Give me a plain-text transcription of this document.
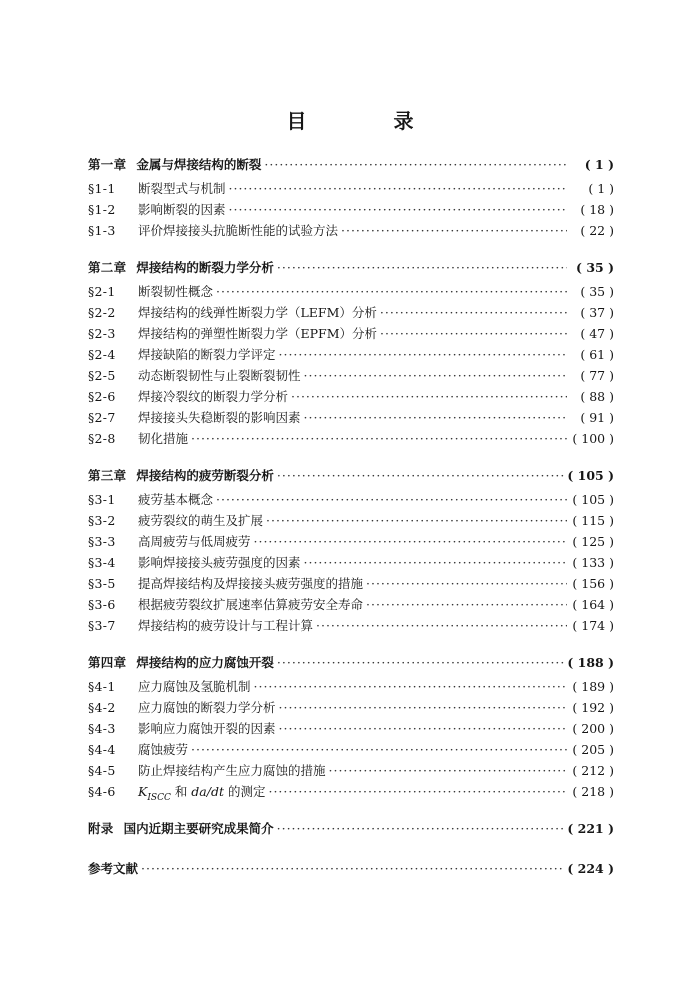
目 录
第一章 金属与焊接结构的断裂 ·····	( 1 )
§1-1	断裂型式与机制 ·····	( 1 )
§1-2	影响断裂的因素 ·····	( 18 )
§1-3	评价焊接接头抗脆断性能的试验方法 ·····	( 22 )
第二章 焊接结构的断裂力学分析 ·····	( 35 )
§2-1	断裂韧性概念 ·····	( 35 )
§2-2	焊接结构的线弹性断裂力学（LEFM）分析 ·····	( 37 )
§2-3	焊接结构的弹塑性断裂力学（EPFM）分析 ·····	( 47 )
§2-4	焊接缺陷的断裂力学评定 ·····	( 61 )
§2-5	动态断裂韧性与止裂断裂韧性 ·····	( 77 )
§2-6	焊接冷裂纹的断裂力学分析 ·····	( 88 )
§2-7	焊接接头失稳断裂的影响因素 ·····	( 91 )
§2-8	韧化措施 ·····	( 100 )
第三章 焊接结构的疲劳断裂分析 ·····	( 105 )
§3-1	疲劳基本概念 ·····	( 105 )
§3-2	疲劳裂纹的萌生及扩展 ·····	( 115 )
§3-3	高周疲劳与低周疲劳 ·····	( 125 )
§3-4	影响焊接接头疲劳强度的因素 ·····	( 133 )
§3-5	提高焊接结构及焊接接头疲劳强度的措施 ·····	( 156 )
§3-6	根据疲劳裂纹扩展速率估算疲劳安全寿命 ·····	( 164 )
§3-7	焊接结构的疲劳设计与工程计算 ·····	( 174 )
第四章 焊接结构的应力腐蚀开裂 ·····	( 188 )
§4-1	应力腐蚀及氢脆机制 ·····	( 189 )
§4-2	应力腐蚀的断裂力学分析 ·····	( 192 )
§4-3	影响应力腐蚀开裂的因素 ·····	( 200 )
§4-4	腐蚀疲劳 ·····	( 205 )
§4-5	防止焊接结构产生应力腐蚀的措施 ·····	( 212 )
§4-6	$K_{ISCC}$ 和 da/dt 的测定 ·····	( 218 )
附录 国内近期主要研究成果简介 ·····	( 221 )
参考文献 ·····	( 224 )
